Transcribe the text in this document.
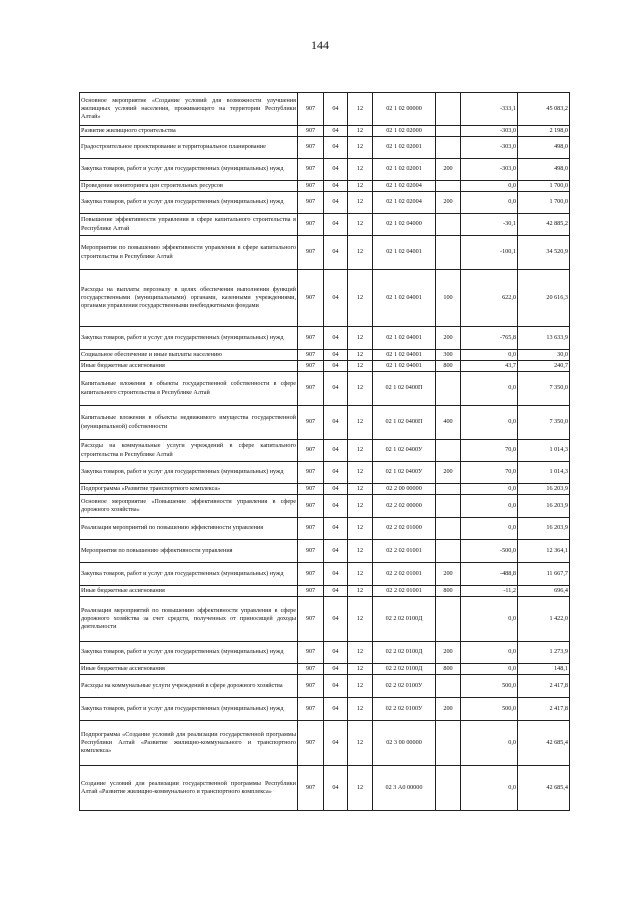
144
Основное мероприятие «Создание условий для возможности улучшения жилищных условий населения, проживающего на территории Республики Алтай»	907	04	12	02 1 02 00000		-333,1	45 083,2
Развитие жилищного строительства	907	04	12	02 1 02 02000		-303,0	2 198,0
Градостроительное проектирование и территориальное планирование	907	04	12	02 1 02 02001		-303,0	498,0
Закупка товаров, работ и услуг для государственных (муниципальных) нужд	907	04	12	02 1 02 02001	200	-303,0	498,0
Проведение мониторинга цен строительных ресурсов	907	04	12	02 1 02 02004		0,0	1 700,0
Закупка товаров, работ и услуг для государственных (муниципальных) нужд	907	04	12	02 1 02 02004	200	0,0	1 700,0
Повышение эффективности управления в сфере капитального строительства в Республике Алтай	907	04	12	02 1 02 04000		-30,1	42 885,2
Мероприятия по повышению эффективности управления в сфере капитального строительства в Республике Алтай	907	04	12	02 1 02 04001		-100,1	34 520,9
Расходы на выплаты персоналу в целях обеспечения выполнения функций государственными (муниципальными) органами, казенными учреждениями, органами управления государственными внебюджетными фондами	907	04	12	02 1 02 04001	100	622,0	20 616,3
Закупка товаров, работ и услуг для государственных (муниципальных) нужд	907	04	12	02 1 02 04001	200	-765,8	13 633,9
Социальное обеспечение и иные выплаты населению	907	04	12	02 1 02 04001	300	0,0	30,0
Иные бюджетные ассигнования	907	04	12	02 1 02 04001	800	43,7	240,7
Капитальные вложения в объекты государственной собственности в сфере капитального строительства в Республике Алтай	907	04	12	02 1 02 0400П		0,0	7 350,0
Капитальные вложения в объекты недвижимого имущества государственной (муниципальной) собственности	907	04	12	02 1 02 0400П	400	0,0	7 350,0
Расходы на коммунальные услуги учреждений в сфере капитального строительства в Республике Алтай	907	04	12	02 1 02 0400У		70,0	1 014,3
Закупка товаров, работ и услуг для государственных (муниципальных) нужд	907	04	12	02 1 02 0400У	200	70,0	1 014,3
Подпрограмма «Развитие транспортного комплекса»	907	04	12	02 2 00 00000		0,0	16 203,9
Основное мероприятие «Повышение эффективности управления в сфере дорожного хозяйства»	907	04	12	02 2 02 00000		0,0	16 203,9
Реализация мероприятий по повышению эффективности управления	907	04	12	02 2 02 01000		0,0	16 203,9
Мероприятия по повышению эффективности управления	907	04	12	02 2 02 01001		-500,0	12 364,1
Закупка товаров, работ и услуг для государственных (муниципальных) нужд	907	04	12	02 2 02 01001	200	-488,8	11 667,7
Иные бюджетные ассигнования	907	04	12	02 2 02 01001	800	-11,2	696,4
Реализация мероприятий по повышению эффективности управления в сфере дорожного хозяйства за счет средств, полученных от приносящей доходы деятельности	907	04	12	02 2 02 0100Д		0,0	1 422,0
Закупка товаров, работ и услуг для государственных (муниципальных) нужд	907	04	12	02 2 02 0100Д	200	0,0	1 273,9
Иные бюджетные ассигнования	907	04	12	02 2 02 0100Д	800	0,0	148,1
Расходы на коммунальные услуги учреждений в сфере дорожного хозяйства	907	04	12	02 2 02 0100У		500,0	2 417,8
Закупка товаров, работ и услуг для государственных (муниципальных) нужд	907	04	12	02 2 02 0100У	200	500,0	2 417,8
Подпрограмма «Создание условий для реализации государственной программы Республики Алтай «Развитие жилищно-коммунального и транспортного комплекса»	907	04	12	02 3 00 00000		0,0	42 685,4
Создание условий для реализации государственной программы Республики Алтай «Развитие жилищно-коммунального и транспортного комплекса»	907	04	12	02 3 А0 00000		0,0	42 685,4
